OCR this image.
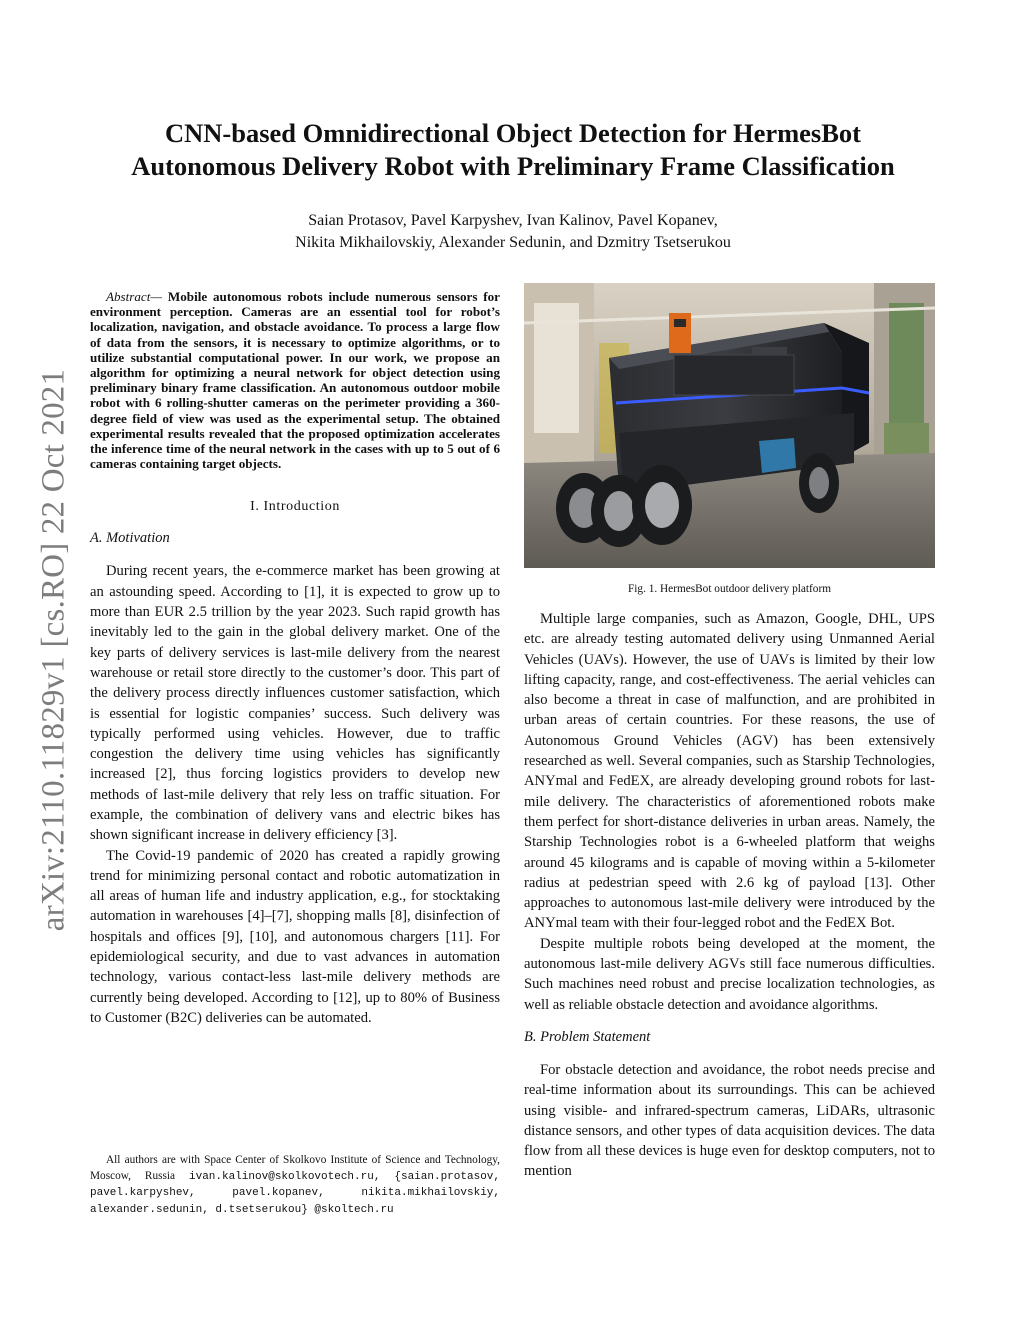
arXiv:2110.11829v1 [cs.RO] 22 Oct 2021
CNN-based Omnidirectional Object Detection for HermesBot
Autonomous Delivery Robot with Preliminary Frame Classification
Saian Protasov, Pavel Karpyshev, Ivan Kalinov, Pavel Kopanev,
Nikita Mikhailovskiy, Alexander Sedunin, and Dzmitry Tsetserukou

Abstract— Mobile autonomous robots include numerous sensors for environment perception. Cameras are an essential tool for robot’s localization, navigation, and obstacle avoidance. To process a large flow of data from the sensors, it is necessary to optimize algorithms, or to utilize substantial computational power. In our work, we propose an algorithm for optimizing a neural network for object detection using preliminary binary frame classification. An autonomous outdoor mobile robot with 6 rolling-shutter cameras on the perimeter providing a 360-degree field of view was used as the experimental setup. The obtained experimental results revealed that the proposed optimization accelerates the inference time of the neural network in the cases with up to 5 out of 6 cameras containing target objects.

I. Introduction
A. Motivation

During recent years, the e-commerce market has been growing at an astounding speed. According to [1], it is expected to grow up to more than EUR 2.5 trillion by the year 2023. Such rapid growth has inevitably led to the gain in the global delivery market. One of the key parts of delivery services is last-mile delivery from the nearest warehouse or retail store directly to the customer’s door. This part of the delivery process directly influences customer satisfaction, which is essential for logistic companies’ success. Such delivery was typically performed using vehicles. However, due to traffic congestion the delivery time using vehicles has significantly increased [2], thus forcing logistics providers to develop new methods of last-mile delivery that rely less on traffic situation. For example, the combination of delivery vans and electric bikes has shown significant increase in delivery efficiency [3].

The Covid-19 pandemic of 2020 has created a rapidly growing trend for minimizing personal contact and robotic automatization in all areas of human life and industry application, e.g., for stocktaking automation in warehouses [4]–[7], shopping malls [8], disinfection of hospitals and offices [9], [10], and autonomous chargers [11]. For epidemiological security, and due to vast advances in automation technology, various contact-less last-mile delivery methods are currently being developed. According to [12], up to 80% of Business to Customer (B2C) deliveries can be automated.

All authors are with Space Center of Skolkovo Institute of Science and Technology, Moscow, Russia ivan.kalinov@skolkovotech.ru, {saian.protasov, pavel.karpyshev, pavel.kopanev, nikita.mikhailovskiy, alexander.sedunin, d.tsetserukou} @skoltech.ru
Fig. 1. HermesBot outdoor delivery platform

Multiple large companies, such as Amazon, Google, DHL, UPS etc. are already testing automated delivery using Unmanned Aerial Vehicles (UAVs). However, the use of UAVs is limited by their low lifting capacity, range, and cost-effectiveness. The aerial vehicles can also become a threat in case of malfunction, and are prohibited in urban areas of certain countries. For these reasons, the use of Autonomous Ground Vehicles (AGV) has been extensively researched as well. Several companies, such as Starship Technologies, ANYmal and FedEX, are already developing ground robots for last-mile delivery. The characteristics of aforementioned robots make them perfect for short-distance deliveries in urban areas. Namely, the Starship Technologies robot is a 6-wheeled platform that weighs around 45 kilograms and is capable of moving within a 5-kilometer radius at pedestrian speed with 2.6 kg of payload [13]. Other approaches to autonomous last-mile delivery were introduced by the ANYmal team with their four-legged robot and the FedEX Bot.

Despite multiple robots being developed at the moment, the autonomous last-mile delivery AGVs still face numerous difficulties. Such machines need robust and precise localization technologies, as well as reliable obstacle detection and avoidance algorithms.

B. Problem Statement

For obstacle detection and avoidance, the robot needs precise and real-time information about its surroundings. This can be achieved using visible- and infrared-spectrum cameras, LiDARs, ultrasonic distance sensors, and other types of data acquisition devices. The data flow from all these devices is huge even for desktop computers, not to mention
